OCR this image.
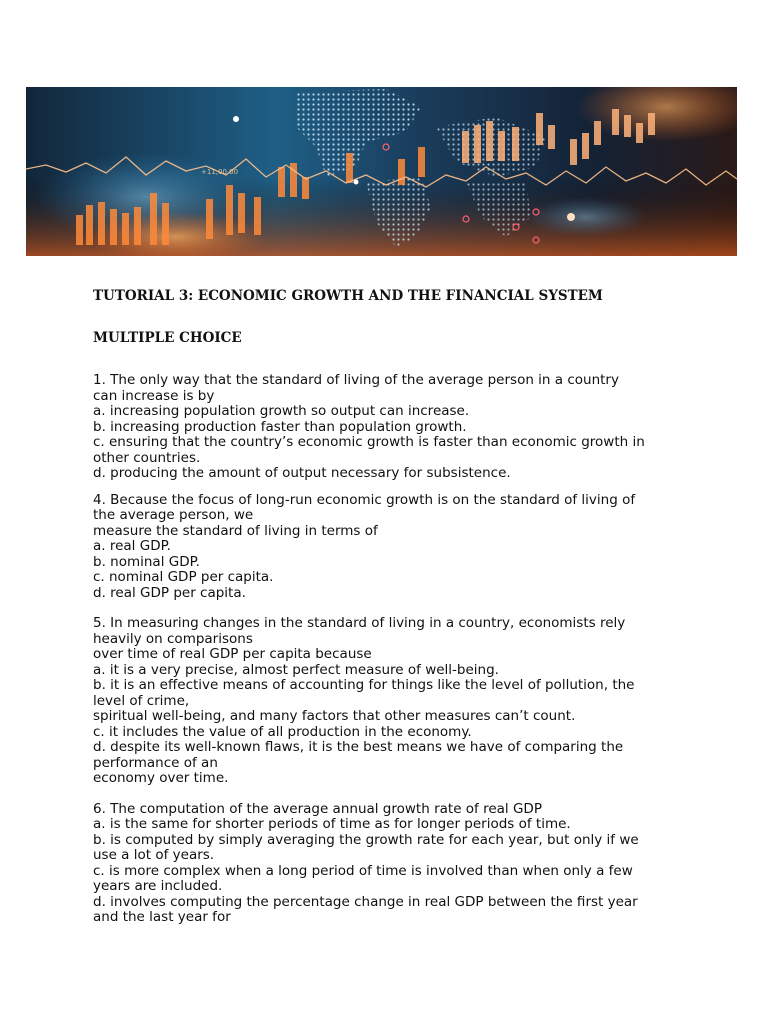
+11,00.00
TUTORIAL 3: ECONOMIC GROWTH AND THE FINANCIAL SYSTEM
MULTIPLE CHOICE
1. The only way that the standard of living of the average person in a country
can increase is by
a. increasing population growth so output can increase.
b. increasing production faster than population growth.
c. ensuring that the country’s economic growth is faster than economic growth in
other countries.
d. producing the amount of output necessary for subsistence.
4. Because the focus of long-run economic growth is on the standard of living of
the average person, we
measure the standard of living in terms of
a. real GDP.
b. nominal GDP.
c. nominal GDP per capita.
d. real GDP per capita.
5. In measuring changes in the standard of living in a country, economists rely
heavily on comparisons
over time of real GDP per capita because
a. it is a very precise, almost perfect measure of well-being.
b. it is an effective means of accounting for things like the level of pollution, the
level of crime,
spiritual well-being, and many factors that other measures can’t count.
c. it includes the value of all production in the economy.
d. despite its well-known flaws, it is the best means we have of comparing the
performance of an
economy over time.
6. The computation of the average annual growth rate of real GDP
a. is the same for shorter periods of time as for longer periods of time.
b. is computed by simply averaging the growth rate for each year, but only if we
use a lot of years.
c. is more complex when a long period of time is involved than when only a few
years are included.
d. involves computing the percentage change in real GDP between the first year
and the last year for
